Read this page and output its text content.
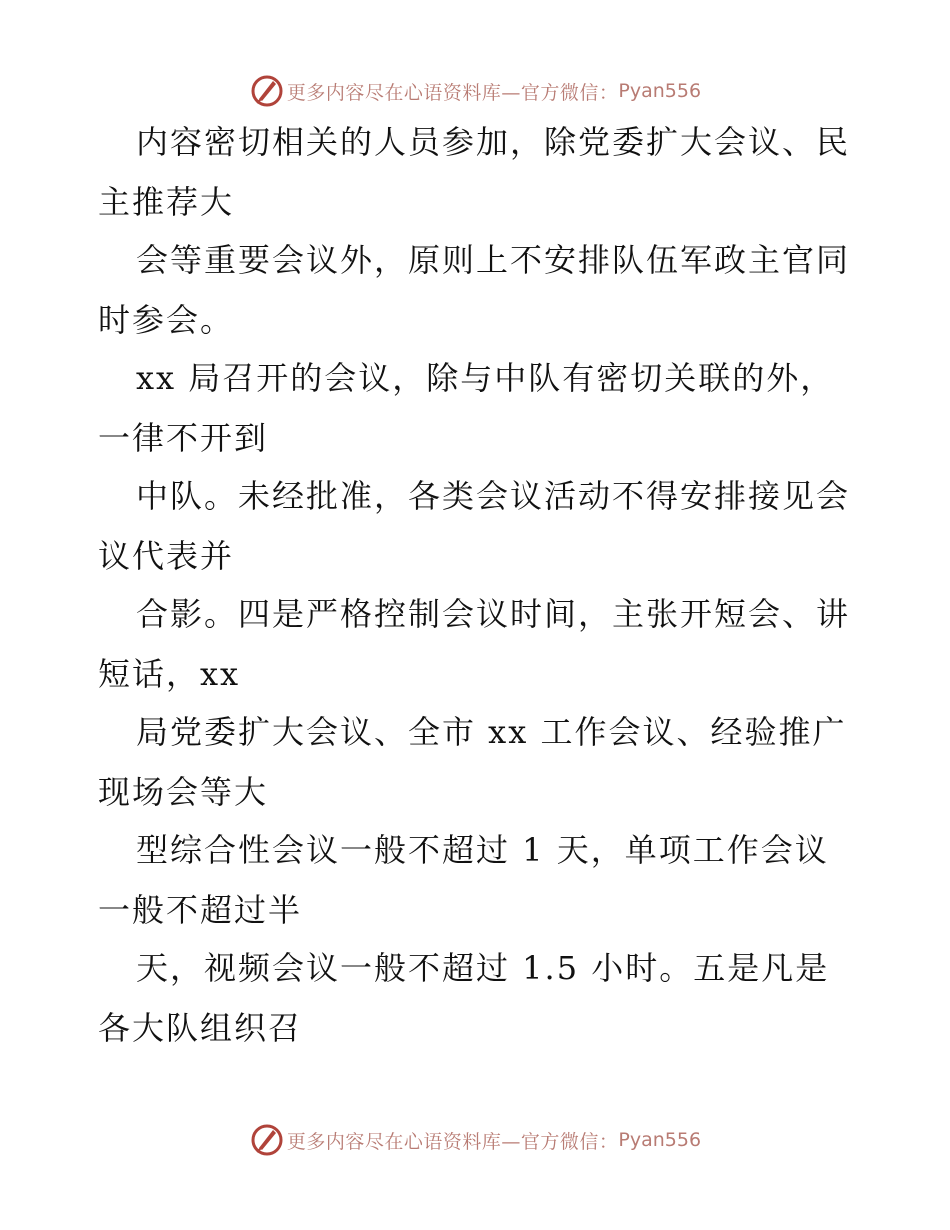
更多内容尽在心语资料库—官方微信： Pyan556
内容密切相关的人员参加，除党委扩大会议、民
主推荐大
会等重要会议外，原则上不安排队伍军政主官同
时参会。
xx 局召开的会议，除与中队有密切关联的外，
一律不开到
中队。未经批准，各类会议活动不得安排接见会
议代表并
合影。四是严格控制会议时间，主张开短会、讲
短话，xx
局党委扩大会议、全市 xx 工作会议、经验推广
现场会等大
型综合性会议一般不超过 1 天，单项工作会议
一般不超过半
天，视频会议一般不超过 1.5 小时。五是凡是
各大队组织召
更多内容尽在心语资料库—官方微信： Pyan556
